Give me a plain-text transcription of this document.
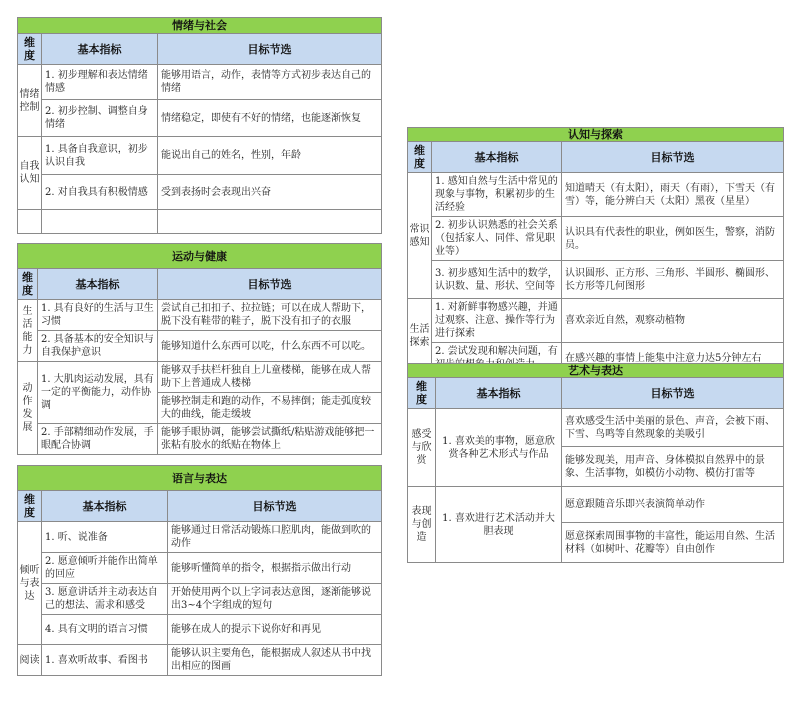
情绪与社会		
维度	基本指标	目标节选
情绪控制	1. 初步理解和表达情绪情感	能够用语言，动作，表情等方式初步表达自己的情绪
	2. 初步控制、调整自身情绪	情绪稳定，即使有不好的情绪，也能逐渐恢复
自我认知	1. 具备自我意识，初步认识自我	能说出自己的姓名，性别，年龄
	2. 对自我具有积极情感	受到表扬时会表现出兴奋

运动与健康		
维度	基本指标	目标节选
生活能力	1. 具有良好的生活与卫生习惯	尝试自己扣扣子、拉拉链；可以在成人帮助下，脱下没有鞋带的鞋子，脱下没有扣子的衣服
	2. 具备基本的安全知识与自我保护意识	能够知道什么东西可以吃，什么东西不可以吃。
动作发展	1. 大肌肉运动发展，具有一定的平衡能力，动作协调	能够双手扶栏杆独自上儿童楼梯，能够在成人帮助下上普通成人楼梯
		能够控制走和跑的动作，不易摔倒；能走弧度较大的曲线，能走缓坡
	2. 手部精细动作发展，手眼配合协调	能够手眼协调，能够尝试撕纸/粘贴游戏能够把一张粘有胶水的纸贴在物体上
语言与表达		
维度	基本指标	目标节选
倾听与表达	1. 听、说准备	能够通过日常活动锻炼口腔肌肉，能做到吹的动作
	2. 愿意倾听并能作出简单的回应	能够听懂简单的指令，根据指示做出行动
	3. 愿意讲话并主动表达自己的想法、需求和感受	开始使用两个以上字词表达意图，逐渐能够说出3~4个字组成的短句
	4. 具有文明的语言习惯	能够在成人的提示下说你好和再见
阅读	1. 喜欢听故事、看图书	能够认识主要角色，能根据成人叙述从书中找出相应的图画
认知与探索		
维度	基本指标	目标节选
常识感知	1. 感知自然与生活中常见的现象与事物，积累初步的生活经验	知道晴天（有太阳），雨天（有雨），下雪天（有雪）等，能分辨白天（太阳）黑夜（星星）
	2. 初步认识熟悉的社会关系（包括家人、同伴、常见职业等）	认识具有代表性的职业，例如医生，警察，消防员。
	3. 初步感知生活中的数学，认识数、量、形状、空间等	认识圆形、正方形、三角形、半圆形、椭圆形、长方形等几何图形
生活探索	1. 对新鲜事物感兴趣，并通过观察、注意、操作等行为进行探索	喜欢亲近自然，观察动植物
	2. 尝试发现和解决问题，有	在感兴趣的事情上能集中注意力达5分钟左右
艺术与表达		
维度	基本指标	目标节选
感受与欣赏	1. 喜欢美的事物，愿意欣赏各种艺术形式与作品	喜欢感受生活中美丽的景色、声音，会被下雨、下雪、鸟鸣等自然现象的美吸引
		能够发现美，用声音、身体模拟自然界中的景象、生活事物，如模仿小动物、模仿打雷等
表现与创造	1. 喜欢进行艺术活动并大胆表现	愿意跟随音乐即兴表演简单动作
		愿意探索周围事物的丰富性，能运用自然、生活材料（如树叶、花瓣等）自由创作
